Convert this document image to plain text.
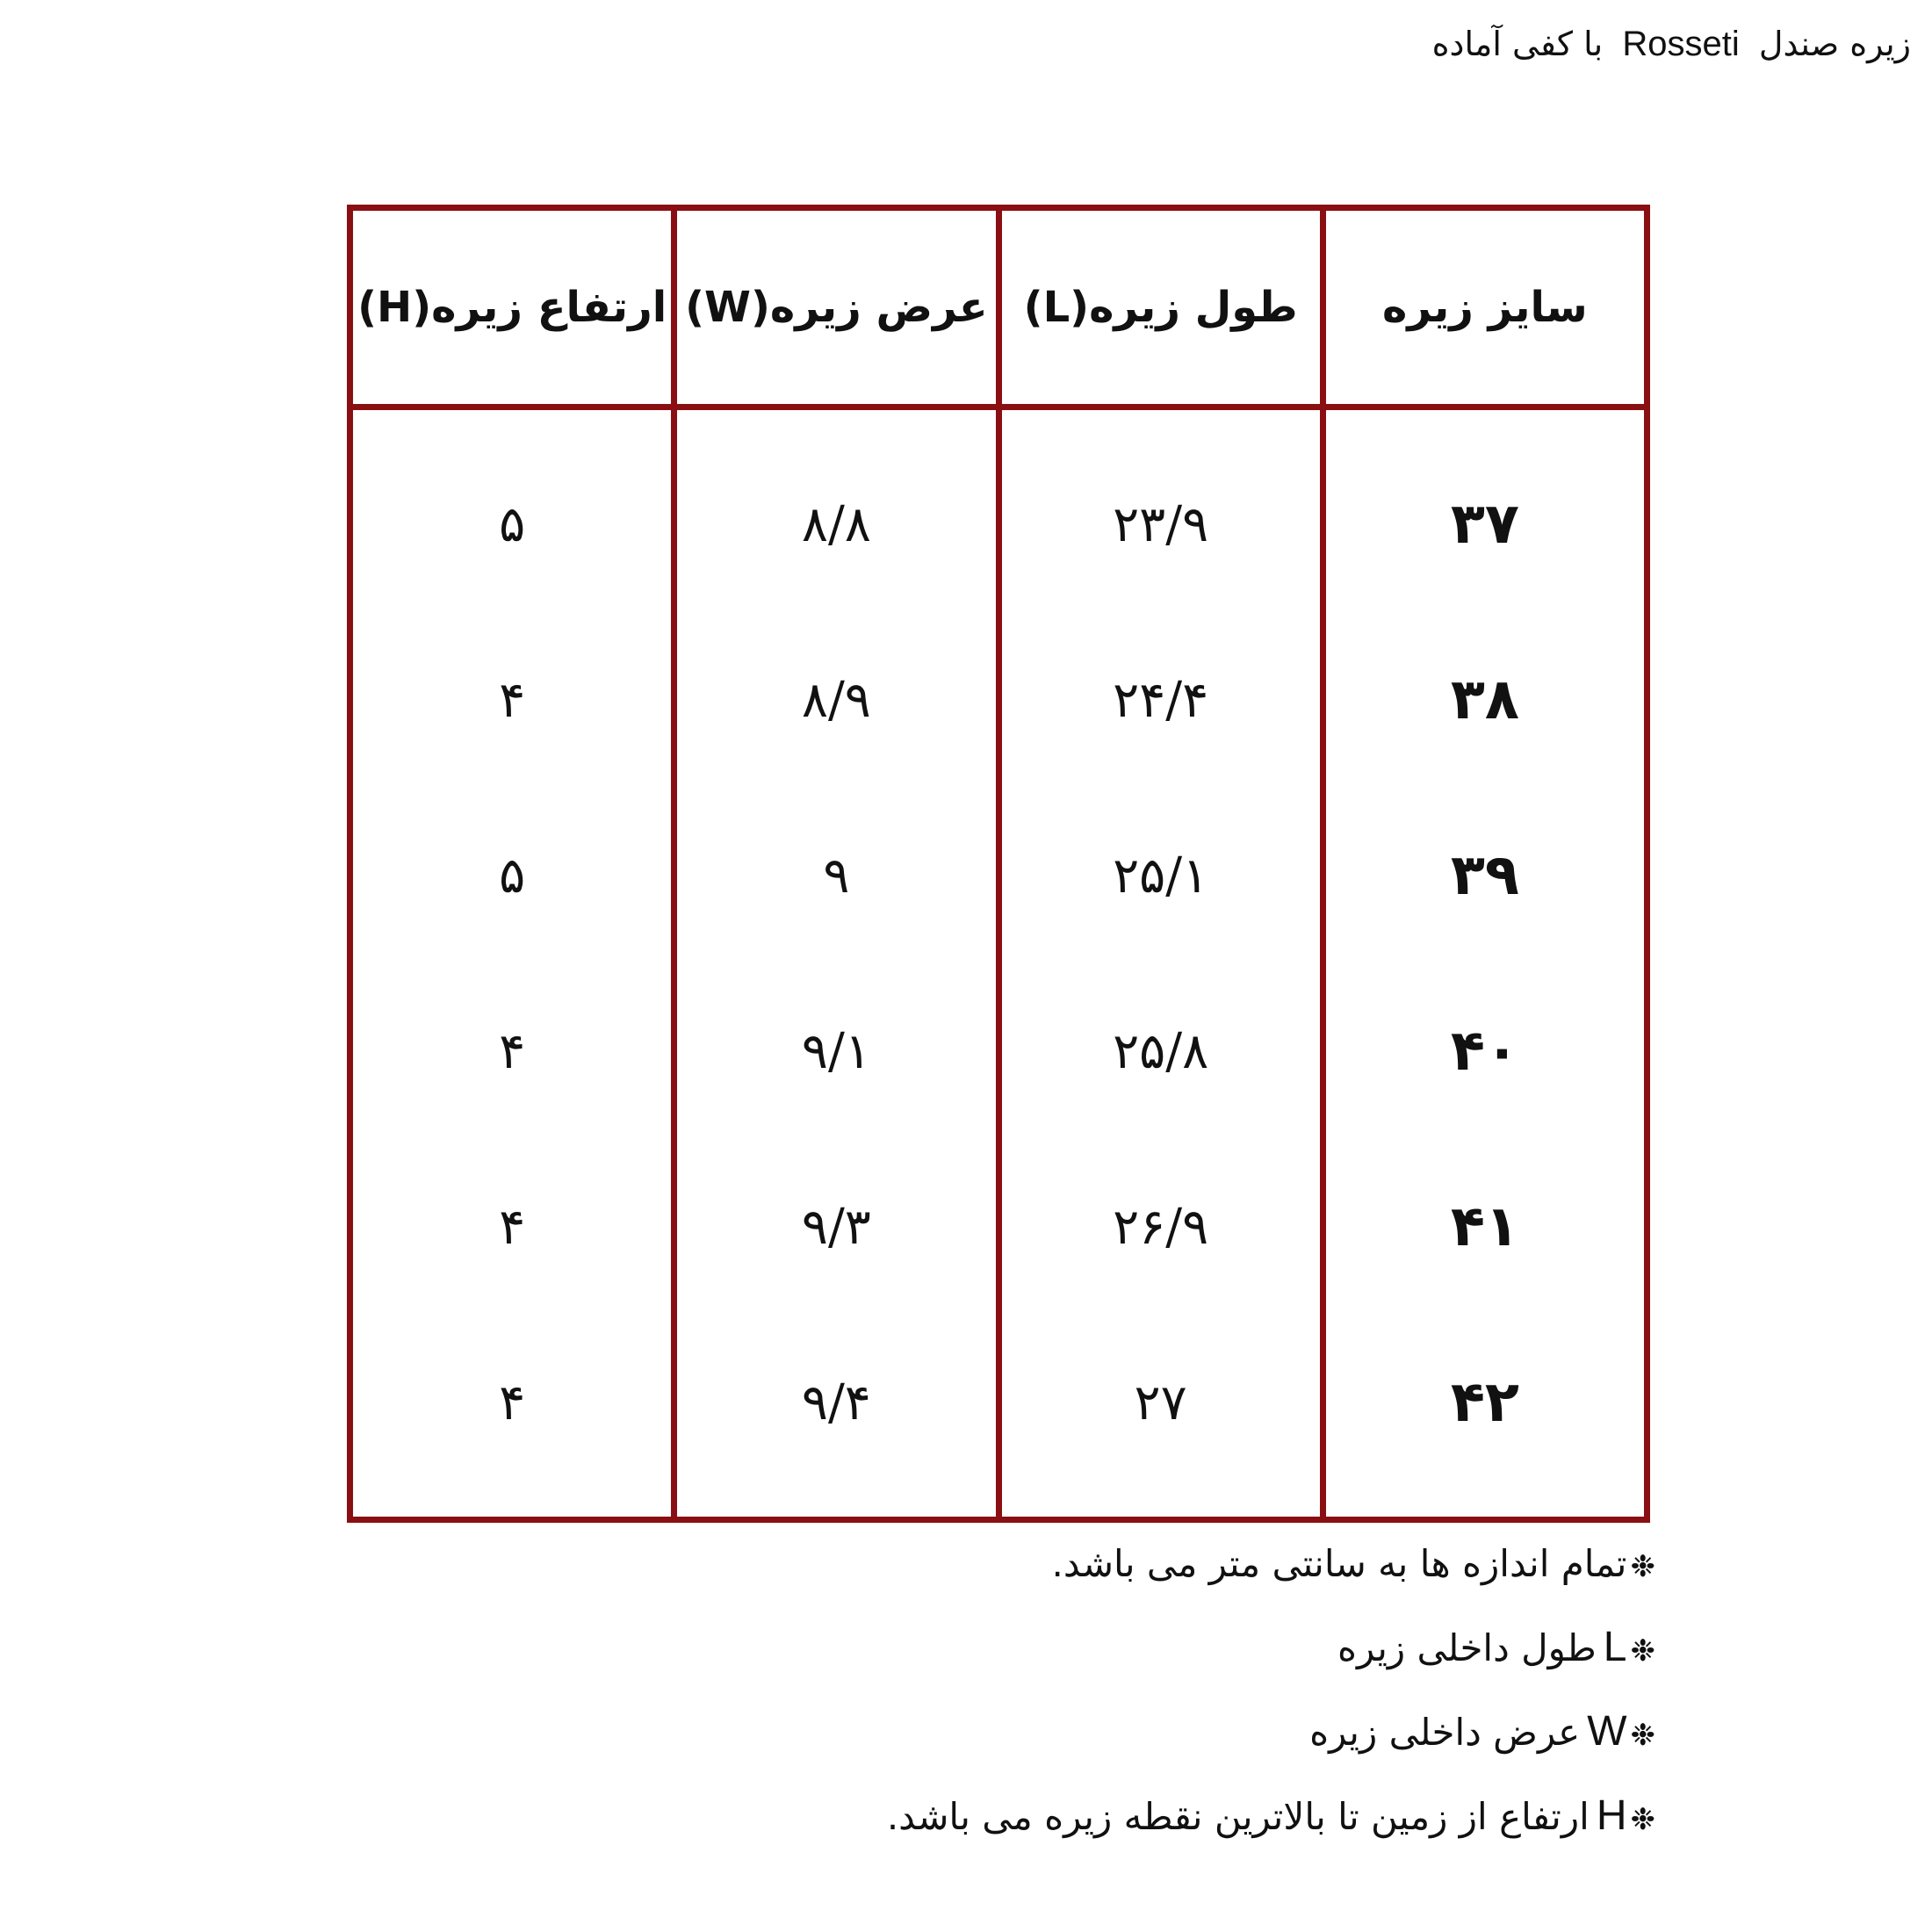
زیره صندل Rosseti با کفی آماده
سایز زیره	طول زیره(L)	عرض زیره(W)	ارتفاع زیره(H)
۳۷	۲۳/۹	۸/۸	۵
۳۸	۲۴/۴	۸/۹	۴
۳۹	۲۵/۱	۹	۵
۴۰	۲۵/۸	۹/۱	۴
۴۱	۲۶/۹	۹/۳	۴
۴۲	۲۷	۹/۴	۴
❉تمام اندازه ها به سانتی متر می باشد.
❉Lطول داخلی زیره
❉Wعرض داخلی زیره
❉Hارتفاع از زمین تا بالاترین نقطه زیره می باشد.
